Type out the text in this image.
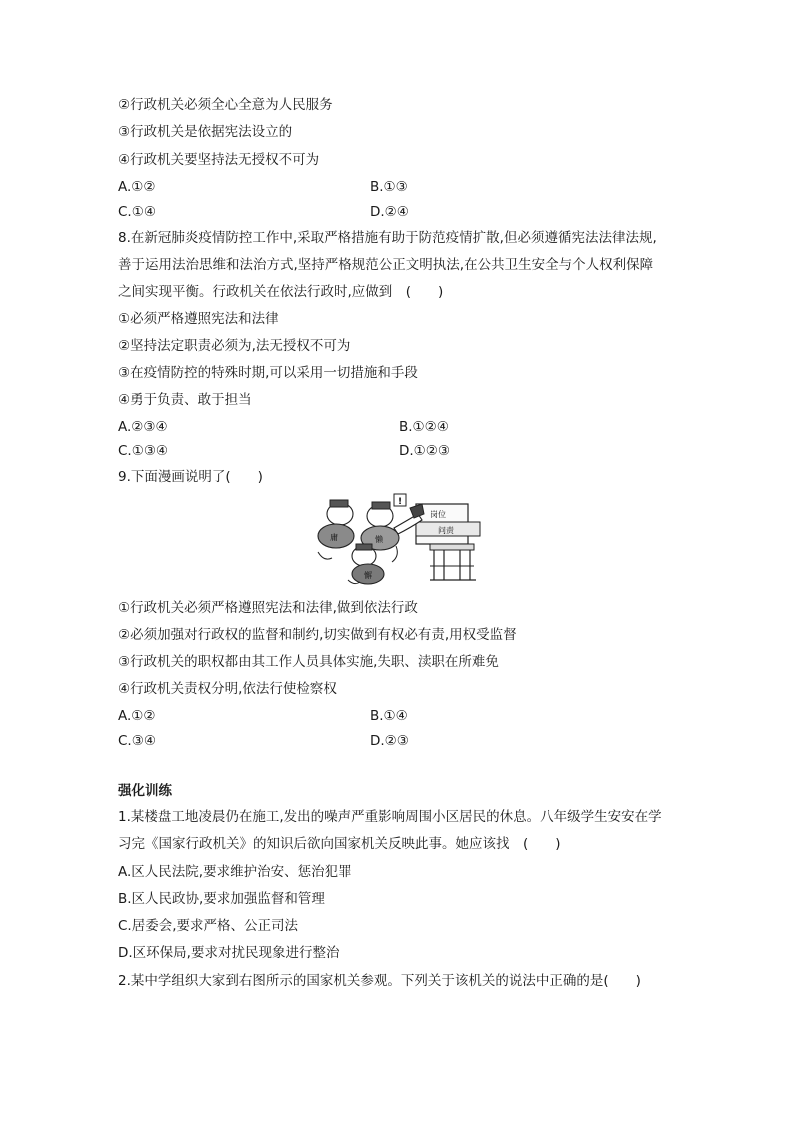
②行政机关必须全心全意为人民服务
③行政机关是依据宪法设立的
④行政机关要坚持法无授权不可为
A.①②	B.①③
C.①④	D.②④
8.在新冠肺炎疫情防控工作中,采取严格措施有助于防范疫情扩散,但必须遵循宪法法律法规,
善于运用法治思维和法治方式,坚持严格规范公正文明执法,在公共卫生安全与个人权利保障
之间实现平衡。行政机关在依法行政时,应做到　(　　)
①必须严格遵照宪法和法律
②坚持法定职责必须为,法无授权不可为
③在疫情防控的特殊时期,可以采用一切措施和手段
④勇于负责、敢于担当
A.②③④	B.①②④
C.①③④	D.①②③
9.下面漫画说明了(　　)
岗位
问责
!
庸	懒
懈
①行政机关必须严格遵照宪法和法律,做到依法行政
②必须加强对行政权的监督和制约,切实做到有权必有责,用权受监督
③行政机关的职权都由其工作人员具体实施,失职、渎职在所难免
④行政机关责权分明,依法行使检察权
A.①②	B.①④
C.③④	D.②③
强化训练
1.某楼盘工地凌晨仍在施工,发出的噪声严重影响周围小区居民的休息。八年级学生安安在学
习完《国家行政机关》的知识后欲向国家机关反映此事。她应该找　(　　)
A.区人民法院,要求维护治安、惩治犯罪
B.区人民政协,要求加强监督和管理
C.居委会,要求严格、公正司法
D.区环保局,要求对扰民现象进行整治
2.某中学组织大家到右图所示的国家机关参观。下列关于该机关的说法中正确的是(　　)
